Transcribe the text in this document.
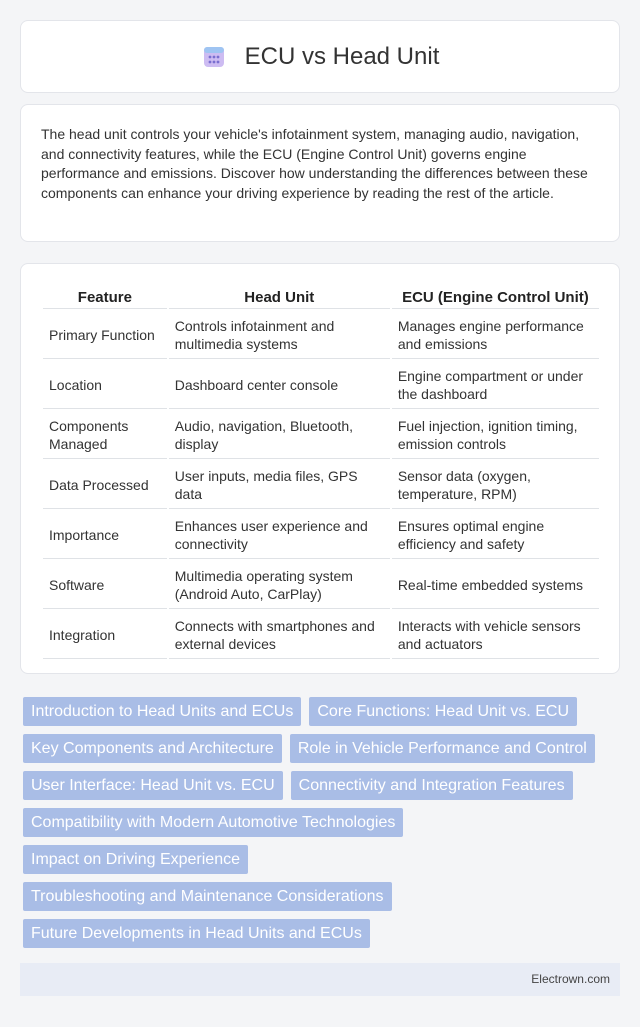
ECU vs Head Unit

The head unit controls your vehicle's infotainment system, managing audio, navigation, and connectivity features, while the ECU (Engine Control Unit) governs engine performance and emissions. Discover how understanding the differences between these components can enhance your driving experience by reading the rest of the article.

Feature	Head Unit	ECU (Engine Control Unit)
Primary Function	Controls infotainment and multimedia systems	Manages engine performance and emissions
Location	Dashboard center console	Engine compartment or under the dashboard
Components Managed	Audio, navigation, Bluetooth, display	Fuel injection, ignition timing, emission controls
Data Processed	User inputs, media files, GPS data	Sensor data (oxygen, temperature, RPM)
Importance	Enhances user experience and connectivity	Ensures optimal engine efficiency and safety
Software	Multimedia operating system (Android Auto, CarPlay)	Real-time embedded systems
Integration	Connects with smartphones and external devices	Interacts with vehicle sensors and actuators
Introduction to Head Units and ECUs	Core Functions: Head Unit vs. ECU
Key Components and Architecture	Role in Vehicle Performance and Control
User Interface: Head Unit vs. ECU	Connectivity and Integration Features
Compatibility with Modern Automotive Technologies
Impact on Driving Experience
Troubleshooting and Maintenance Considerations
Future Developments in Head Units and ECUs
Electrown.com
